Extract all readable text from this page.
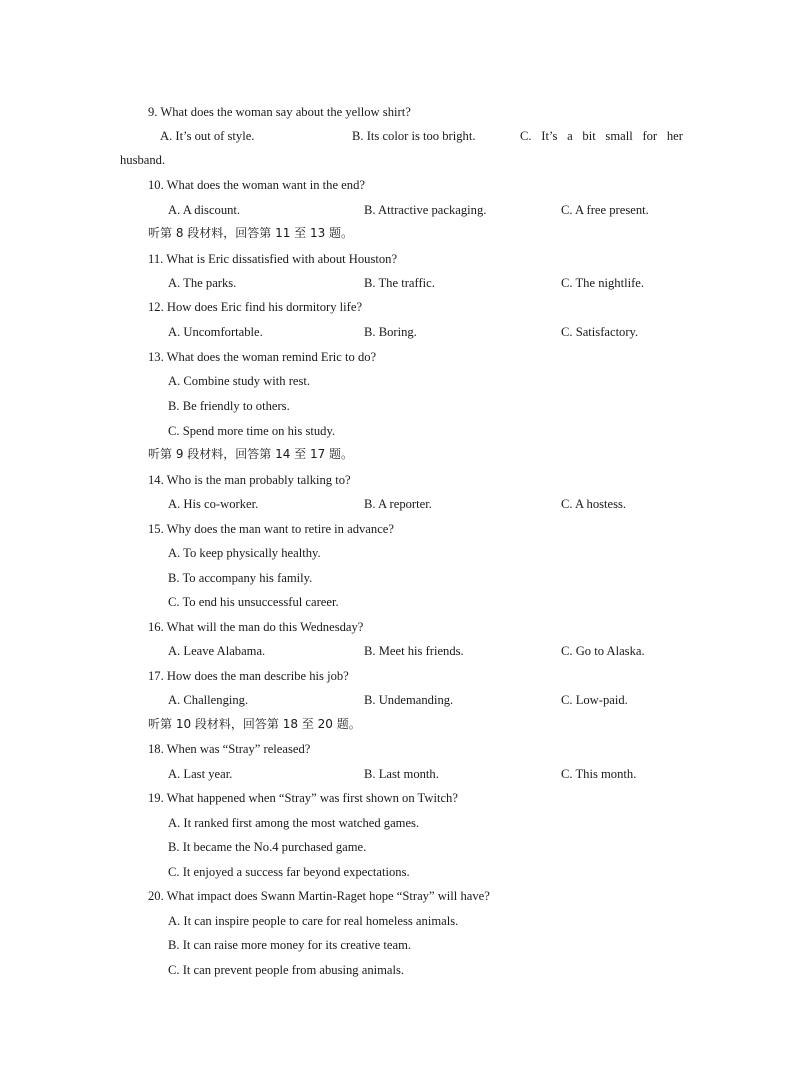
9. What does the woman say about the yellow shirt?
A. It’s out of style.	B. Its color is too bright.	C. It’s a bit small for her
husband.
10. What does the woman want in the end?
A. A discount.	B. Attractive packaging.	C. A free present.
听第 8 段材料，回答第 11 至 13 题。
11. What is Eric dissatisfied with about Houston?
A. The parks.	B. The traffic.	C. The nightlife.
12. How does Eric find his dormitory life?
A. Uncomfortable.	B. Boring.	C. Satisfactory.
13. What does the woman remind Eric to do?
A. Combine study with rest.
B. Be friendly to others.
C. Spend more time on his study.
听第 9 段材料，回答第 14 至 17 题。
14. Who is the man probably talking to?
A. His co-worker.	B. A reporter.	C. A hostess.
15. Why does the man want to retire in advance?
A. To keep physically healthy.
B. To accompany his family.
C. To end his unsuccessful career.
16. What will the man do this Wednesday?
A. Leave Alabama.	B. Meet his friends.	C. Go to Alaska.
17. How does the man describe his job?
A. Challenging.	B. Undemanding.	C. Low-paid.
听第 10 段材料，回答第 18 至 20 题。
18. When was “Stray” released?
A. Last year.	B. Last month.	C. This month.
19. What happened when “Stray” was first shown on Twitch?
A. It ranked first among the most watched games.
B. It became the No.4 purchased game.
C. It enjoyed a success far beyond expectations.
20. What impact does Swann Martin-Raget hope “Stray” will have?
A. It can inspire people to care for real homeless animals.
B. It can raise more money for its creative team.
C. It can prevent people from abusing animals.
